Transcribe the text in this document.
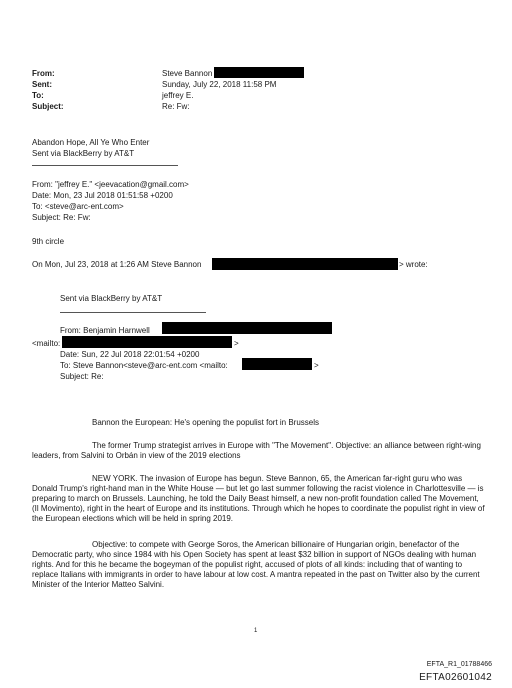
From:	Steve Bannon
Sent:	Sunday, July 22, 2018 11:58 PM
To:	jeffrey E.
Subject:	Re: Fw:
Abandon Hope, All Ye Who Enter
Sent via BlackBerry by AT&T
From: "jeffrey E." <jeevacation@gmail.com>
Date: Mon, 23 Jul 2018 01:51:58 +0200
To: <steve@arc-ent.com>
Subject: Re: Fw:
9th circle
On Mon, Jul 23, 2018 at 1:26 AM Steve Bannon	> wrote:
Sent via BlackBerry by AT&T
From: Benjamin Harnwell
<mailto:	>
Date: Sun, 22 Jul 2018 22:01:54 +0200
To: Steve Bannon<steve@arc-ent.com <mailto:	>
Subject: Re:
Bannon the European: He's opening the populist fort in Brussels
The former Trump strategist arrives in Europe with "The Movement". Objective: an alliance between right-wing leaders, from Salvini to Orbán in view of the 2019 elections
NEW YORK. The invasion of Europe has begun. Steve Bannon, 65, the American far-right guru who was Donald Trump's right-hand man in the White House — but let go last summer following the racist violence in Charlottesville — is preparing to march on Brussels. Launching, he told the Daily Beast himself, a new non-profit foundation called The Movement, (Il Movimento), right in the heart of Europe and its institutions. Through which he hopes to coordinate the populist right in view of the European elections which will be held in spring 2019.
Objective: to compete with George Soros, the American billionaire of Hungarian origin, benefactor of the Democratic party, who since 1984 with his Open Society has spent at least $32 billion in support of NGOs dealing with human rights. And for this he became the bogeyman of the populist right, accused of plots of all kinds: including that of wanting to replace Italians with immigrants in order to have labour at low cost. A mantra repeated in the past on Twitter also by the current Minister of the Interior Matteo Salvini.
1
EFTA_R1_01788466
EFTA02601042
